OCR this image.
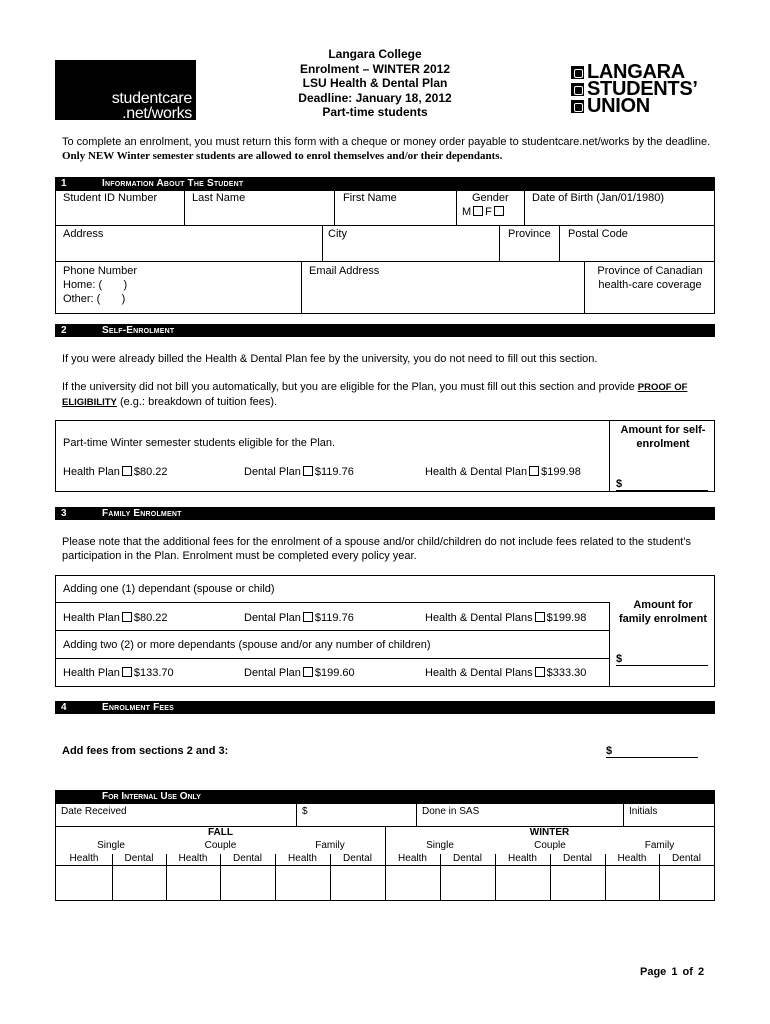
studentcare
.net/works
Langara College
Enrolment – WINTER 2012
LSU Health & Dental Plan
Deadline: January 18, 2012
Part-time students
LANGARA
STUDENTS’
UNION
To complete an enrolment, you must return this form with a cheque or money order payable to studentcare.net/works by the deadline.
Only NEW Winter semester students are allowed to enrol themselves and/or their dependants.
1	Information About The Student
Student ID Number	Last Name	First Name	Gender
M F
Date of Birth (Jan/01/1980)
Address	City	Province Postal Code
Phone Number
Home: (       )
Other: (       )
Email Address	Province of Canadian
health-care coverage
2	Self-Enrolment
If you were already billed the Health & Dental Plan fee by the university, you do not need to fill out this section.
If the university did not bill you automatically, but you are eligible for the Plan, you must fill out this section and provide PROOF OF
ELIGIBILITY (e.g.: breakdown of tuition fees).
Part-time Winter semester students eligible for the Plan.
Health Plan $80.22	Dental Plan $119.76	Health & Dental Plan $199.98
Amount for self-
enrolment
$
3	Family Enrolment
Please note that the additional fees for the enrolment of a spouse and/or child/children do not include fees related to the student’s
participation in the Plan. Enrolment must be completed every policy year.
Adding one (1) dependant (spouse or child)
Health Plan $80.22	Dental Plan $119.76	Health & Dental Plans $199.98
Adding two (2) or more dependants (spouse and/or any number of children)
Health Plan $133.70	Dental Plan $199.60	Health & Dental Plans $333.30
Amount for
family enrolment
$
4	Enrolment Fees
Add fees from sections 2 and 3:	$
For Internal Use Only
Date Received	$	Done in SAS	Initials
FALL	WINTER
Single	Couple	Family	Single	Couple	Family
Health	Dental	Health	Dental	Health	Dental	Health	Dental	Health	Dental	Health	Dental
Page 1 of 2
